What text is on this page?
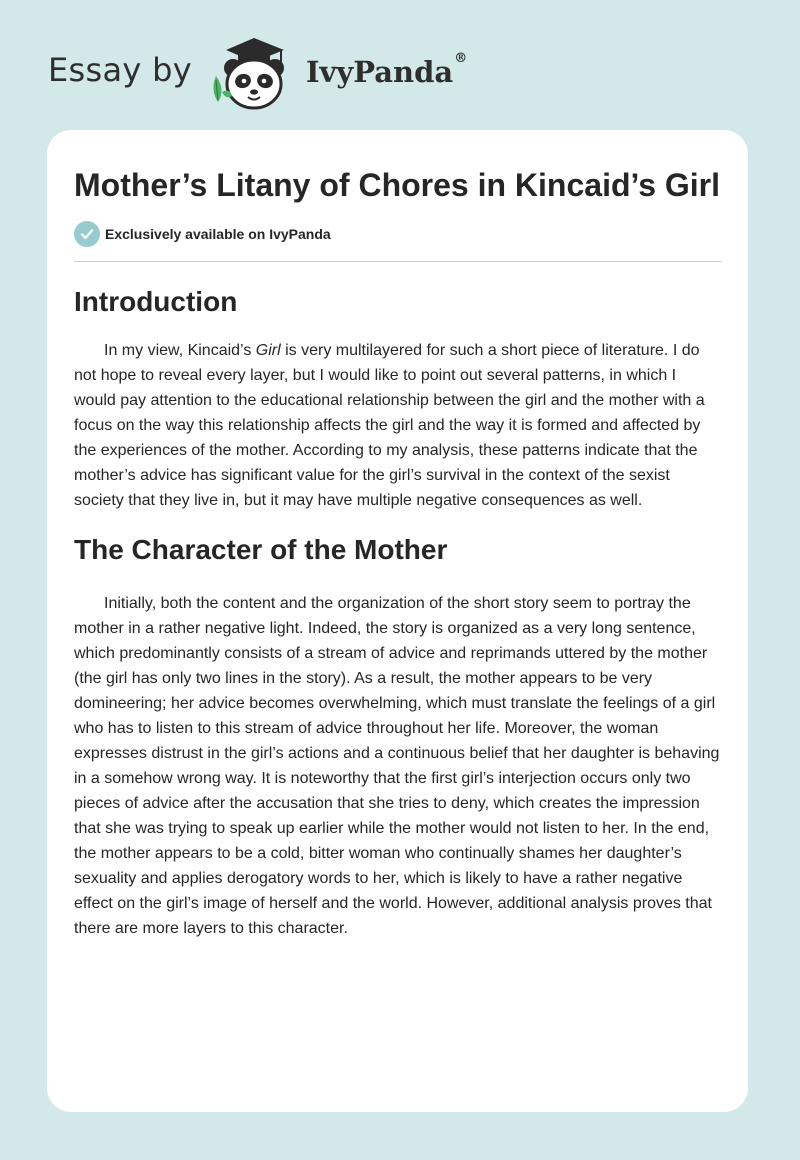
Essay by	IvyPanda®
Mother’s Litany of Chores in Kincaid’s Girl
Exclusively available on IvyPanda
Introduction

In my view, Kincaid’s Girl is very multilayered for such a short piece of literature. I do not hope to reveal every layer, but I would like to point out several patterns, in which I would pay attention to the educational relationship between the girl and the mother with a focus on the way this relationship affects the girl and the way it is formed and affected by the experiences of the mother. According to my analysis, these patterns indicate that the mother’s advice has significant value for the girl’s survival in the context of the sexist society that they live in, but it may have multiple negative consequences as well.

The Character of the Mother

Initially, both the content and the organization of the short story seem to portray the mother in a rather negative light. Indeed, the story is organized as a very long sentence, which predominantly consists of a stream of advice and reprimands uttered by the mother (the girl has only two lines in the story). As a result, the mother appears to be very domineering; her advice becomes overwhelming, which must translate the feelings of a girl who has to listen to this stream of advice throughout her life. Moreover, the woman expresses distrust in the girl’s actions and a continuous belief that her daughter is behaving in a somehow wrong way. It is noteworthy that the first girl’s interjection occurs only two pieces of advice after the accusation that she tries to deny, which creates the impression that she was trying to speak up earlier while the mother would not listen to her. In the end, the mother appears to be a cold, bitter woman who continually shames her daughter’s sexuality and applies derogatory words to her, which is likely to have a rather negative effect on the girl’s image of herself and the world. However, additional analysis proves that there are more layers to this character.
